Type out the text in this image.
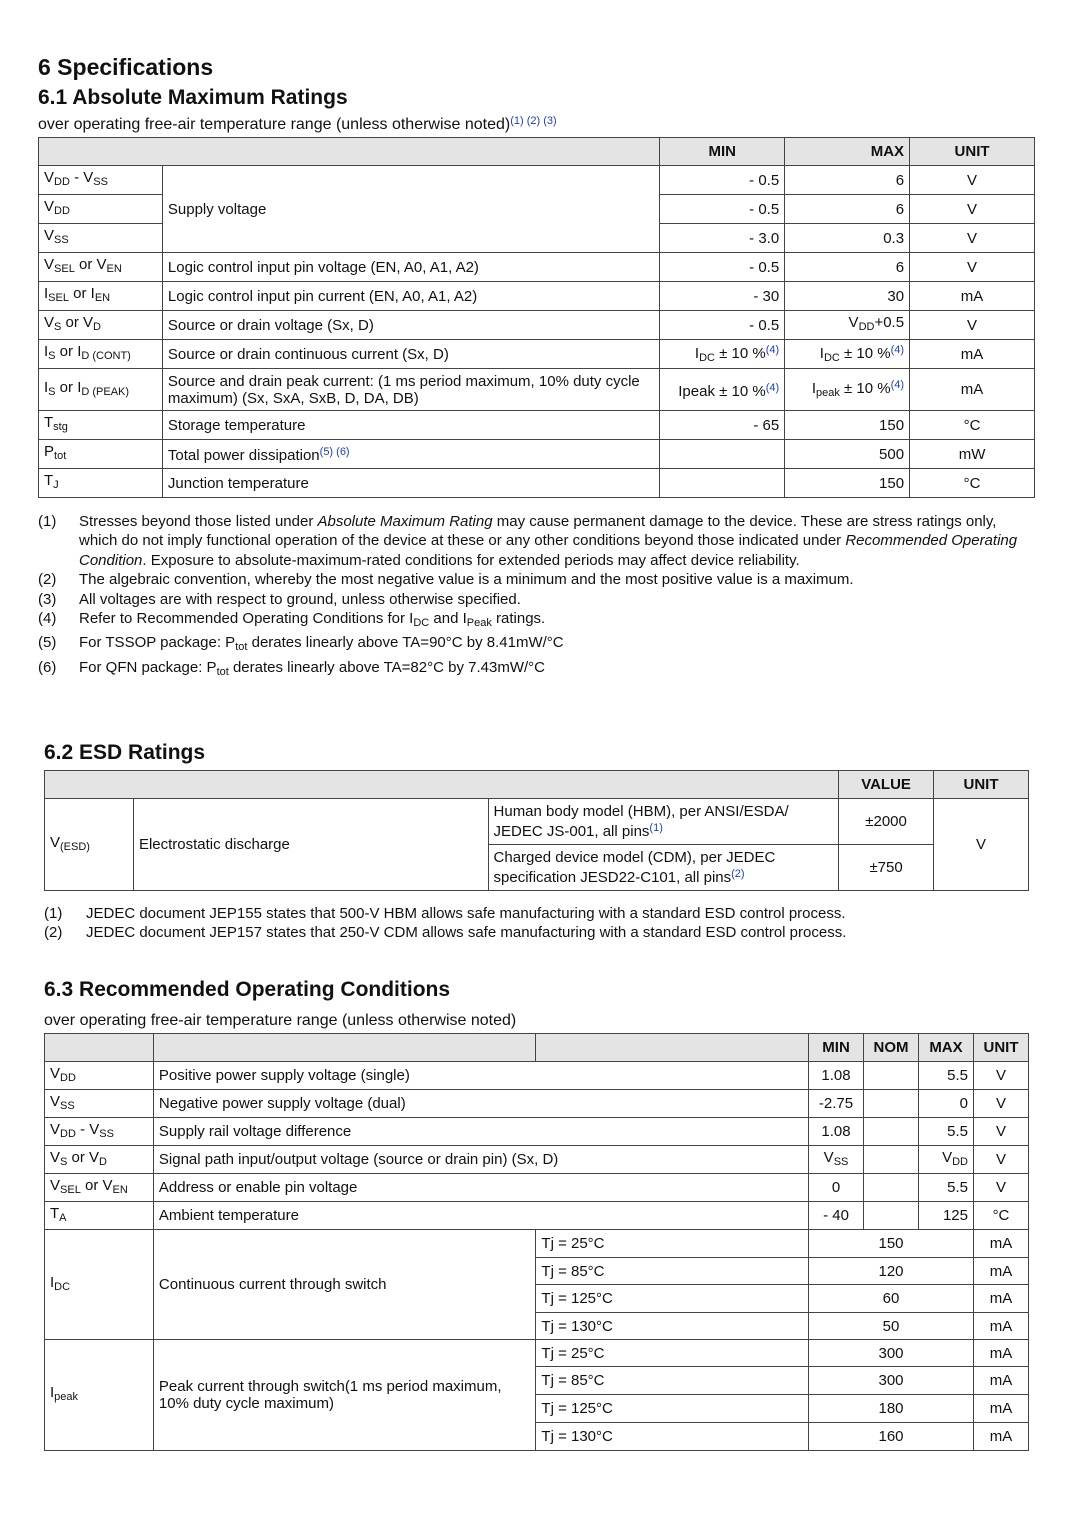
6 Specifications
6.1 Absolute Maximum Ratings
over operating free-air temperature range (unless otherwise noted)$^{(1) (2) (3)}$
		MIN	MAX	UNIT
$V_{DD} - V_{SS}$	Supply voltage	- 0.5	6	V
$V_{DD}$		- 0.5	6	V
$V_{SS}$		- 3.0	0.3	V
$V_{SEL}$ or $V_{EN}$	Logic control input pin voltage (EN, A0, A1, A2)	- 0.5	6	V
$I_{SEL}$ or $I_{EN}$	Logic control input pin current (EN, A0, A1, A2)	- 30	30	mA
$V_S$ or $V_D$	Source or drain voltage (Sx, D)	- 0.5	$V_{DD}+0.5$	V
$I_S$ or $I_{D (CONT)}$	Source or drain continuous current (Sx, D)	$I_{DC} \pm 10$ %$^{(4)}$	$I_{DC} \pm 10$ %$^{(4)}$	mA
$I_S$ or $I_{D (PEAK)}$	Source and drain peak current: (1 ms period maximum, 10% duty cycle maximum) (Sx, SxA, SxB, D, DA, DB)	Ipeak ± 10 %$^{(4)}$	$I_{peak} \pm 10$ %$^{(4)}$	mA
$T_{stg}$	Storage temperature	- 65	150	°C
$P_{tot}$	Total power dissipation$^{(5) (6)}$		500	mW
$T_J$	Junction temperature		150	°C
(1)	Stresses beyond those listed under Absolute Maximum Rating may cause permanent damage to the device. These are stress ratings only, which do not imply functional operation of the device at these or any other conditions beyond those indicated under Recommended Operating Condition. Exposure to absolute-maximum-rated conditions for extended periods may affect device reliability.
(2)	The algebraic convention, whereby the most negative value is a minimum and the most positive value is a maximum.
(3)	All voltages are with respect to ground, unless otherwise specified.
(4)	Refer to Recommended Operating Conditions for $I_{DC}$ and $I_{Peak}$ ratings.
(5)	For TSSOP package: $P_{tot}$ derates linearly above TA=90°C by 8.41mW/°C
(6)	For QFN package: $P_{tot}$ derates linearly above TA=82°C by 7.43mW/°C
6.2 ESD Ratings
			VALUE	UNIT
$V_{(ESD)}$	Electrostatic discharge	Human body model (HBM), per ANSI/ESDA/ JEDEC JS-001, all pins$^{(1)}$	±2000	V
		Charged device model (CDM), per JEDEC specification JESD22-C101, all pins$^{(2)}$	±750	
(1)	JEDEC document JEP155 states that 500-V HBM allows safe manufacturing with a standard ESD control process.
(2)	JEDEC document JEP157 states that 250-V CDM allows safe manufacturing with a standard ESD control process.
6.3 Recommended Operating Conditions
over operating free-air temperature range (unless otherwise noted)
			MIN	NOM	MAX	UNIT
$V_{DD}$	Positive power supply voltage (single)		1.08		5.5	V
$V_{SS}$	Negative power supply voltage (dual)		-2.75		0	V
$V_{DD} - V_{SS}$	Supply rail voltage difference		1.08		5.5	V
$V_S$ or $V_D$	Signal path input/output voltage (source or drain pin) (Sx, D)		$V_{SS}$		$V_{DD}$	V
$V_{SEL}$ or $V_{EN}$	Address or enable pin voltage		0		5.5	V
$T_A$	Ambient temperature		- 40		125	°C
$I_{DC}$	Continuous current through switch	Tj = 25°C	150			mA
		Tj = 85°C	120			mA
		Tj = 125°C	60			mA
		Tj = 130°C	50			mA
$I_{peak}$	Peak current through switch(1 ms period maximum, 10% duty cycle maximum)	Tj = 25°C	300			mA
		Tj = 85°C	300			mA
		Tj = 125°C	180			mA
		Tj = 130°C	160			mA
